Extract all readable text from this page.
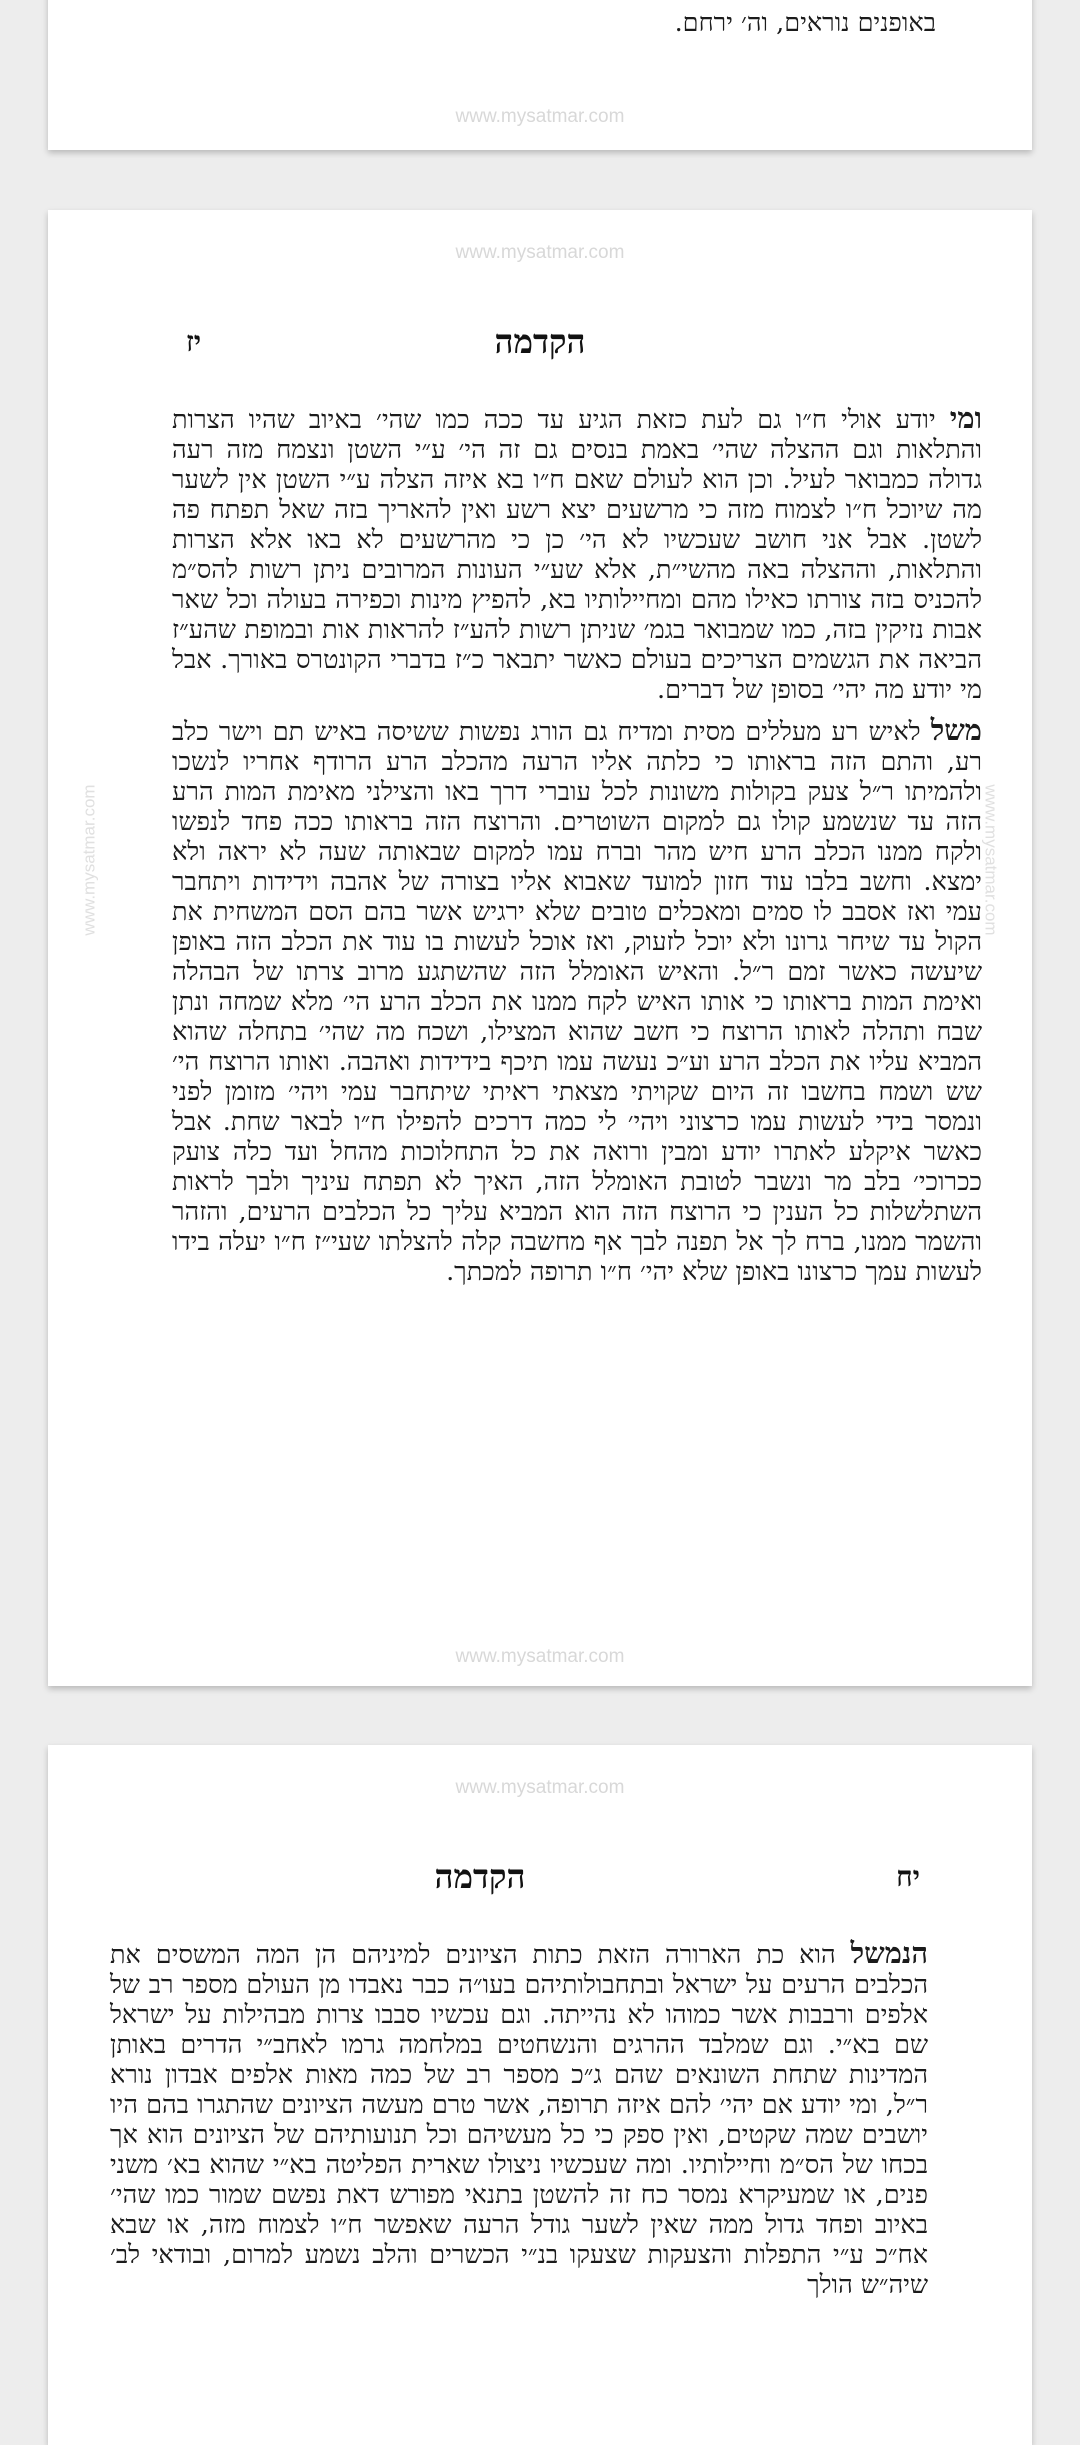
באופנים נוראים, וה׳ ירחם.

www.mysatmar.com
www.mysatmar.com
www.mysatmar.com	www.mysatmar.com
הקדמה
יז

ומי יודע אולי ח״ו גם לעת כזאת הגיע עד ככה כמו שהי׳ באיוב שהיו הצרות והתלאות וגם ההצלה שהי׳ באמת בנסים גם זה הי׳ ע״י השטן ונצמח מזה רעה גדולה כמבואר לעיל. וכן הוא לעולם שאם ח״ו בא איזה הצלה ע״י השטן אין לשער מה שיוכל ח״ו לצמוח מזה כי מרשעים יצא רשע ואין להאריך בזה שאל תפתח פה לשטן. אבל אני חושב שעכשיו לא הי׳ כן כי מהרשעים לא באו אלא הצרות והתלאות, וההצלה באה מהשי״ת, אלא שע״י העונות המרובים ניתן רשות להס״מ להכניס בזה צורתו כאילו מהם ומחיילותיו בא, להפיץ מינות וכפירה בעולה וכל שאר אבות נזיקין בזה, כמו שמבואר בגמ׳ שניתן רשות להע״ז להראות אות ובמופת שהע״ז הביאה את הגשמים הצריכים בעולם כאשר יתבאר כ״ז בדברי הקונטרס באורך. אבל מי יודע מה יהי׳ בסופן של דברים.

משל לאיש רע מעללים מסית ומדיח גם הורג נפשות ששיסה באיש תם וישר כלב רע, והתם הזה בראותו כי כלתה אליו הרעה מהכלב הרע הרודף אחריו לנשכו ולהמיתו ר״ל צעק בקולות משונות לכל עוברי דרך באו והצילני מאימת המות הרע הזה עד שנשמע קולו גם למקום השוטרים. והרוצח הזה בראותו ככה פחד לנפשו ולקח ממנו הכלב הרע חיש מהר וברח עמו למקום שבאותה שעה לא יראה ולא ימצא. וחשב בלבו עוד חזון למועד שאבוא אליו בצורה של אהבה וידידות ויתחבר עמי ואז אסבב לו סמים ומאכלים טובים שלא ירגיש אשר בהם הסם המשחית את הקול עד שיחר גרונו ולא יוכל לזעוק, ואז אוכל לעשות בו עוד את הכלב הזה באופן שיעשה כאשר זמם ר״ל. והאיש האומלל הזה שהשתגע מרוב צרתו של הבהלה ואימת המות בראותו כי אותו האיש לקח ממנו את הכלב הרע הי׳ מלא שמחה ונתן שבח ותהלה לאותו הרוצח כי חשב שהוא המצילו, ושכח מה שהי׳ בתחלה שהוא המביא עליו את הכלב הרע וע״כ נעשה עמו תיכף בידידות ואהבה. ואותו הרוצח הי׳ שש ושמח בחשבו זה היום שקויתי מצאתי ראיתי שיתחבר עמי ויהי׳ מזומן לפני ונמסר בידי לעשות עמו כרצוני ויהי׳ לי כמה דרכים להפילו ח״ו לבאר שחת. אבל כאשר איקלע לאתרו יודע ומבין ורואה את כל התחלוכות מהחל ועד כלה צועק ככרוכי׳ בלב מר ונשבר לטובת האומלל הזה, האיך לא תפתח עיניך ולבך לראות השתלשלות כל הענין כי הרוצח הזה הוא המביא עליך כל הכלבים הרעים, והזהר והשמר ממנו, ברח לך אל תפנה לבך אף מחשבה קלה להצלתו שעי״ז ח״ו יעלה בידו לעשות עמך כרצונו באופן שלא יהי׳ ח״ו תרופה למכתך.

www.mysatmar.com
www.mysatmar.com
הקדמה	יח

הנמשל הוא כת הארורה הזאת כתות הציונים למיניהם הן המה המשסים את הכלבים הרעים על ישראל ובתחבולותיהם בעו״ה כבר נאבדו מן העולם מספר רב של אלפים ורבבות אשר כמוהו לא נהייתה. וגם עכשיו סבבו צרות מבהילות על ישראל שם בא״י. וגם שמלבד ההרגים והנשחטים במלחמה גרמו לאחב״י הדרים באותן המדינות שתחת השונאים שהם ג״כ מספר רב של כמה מאות אלפים אבדון נורא ר״ל, ומי יודע אם יהי׳ להם איזה תרופה, אשר טרם מעשה הציונים שהתגרו בהם היו יושבים שמה שקטים, ואין ספק כי כל מעשיהם וכל תנועותיהם של הציונים הוא אך בכחו של הס״מ וחיילותיו. ומה שעכשיו ניצולו שארית הפליטה בא״י שהוא בא׳ משני פנים, או שמעיקרא נמסר כח זה להשטן בתנאי מפורש דאת נפשם שמור כמו שהי׳ באיוב ופחד גדול ממה שאין לשער גודל הרעה שאפשר ח״ו לצמוח מזה, או שבא אח״כ ע״י התפלות והצעקות שצעקו בנ״י הכשרים והלב נשמע למרום, ובודאי לב׳ שיה״ש הולך
